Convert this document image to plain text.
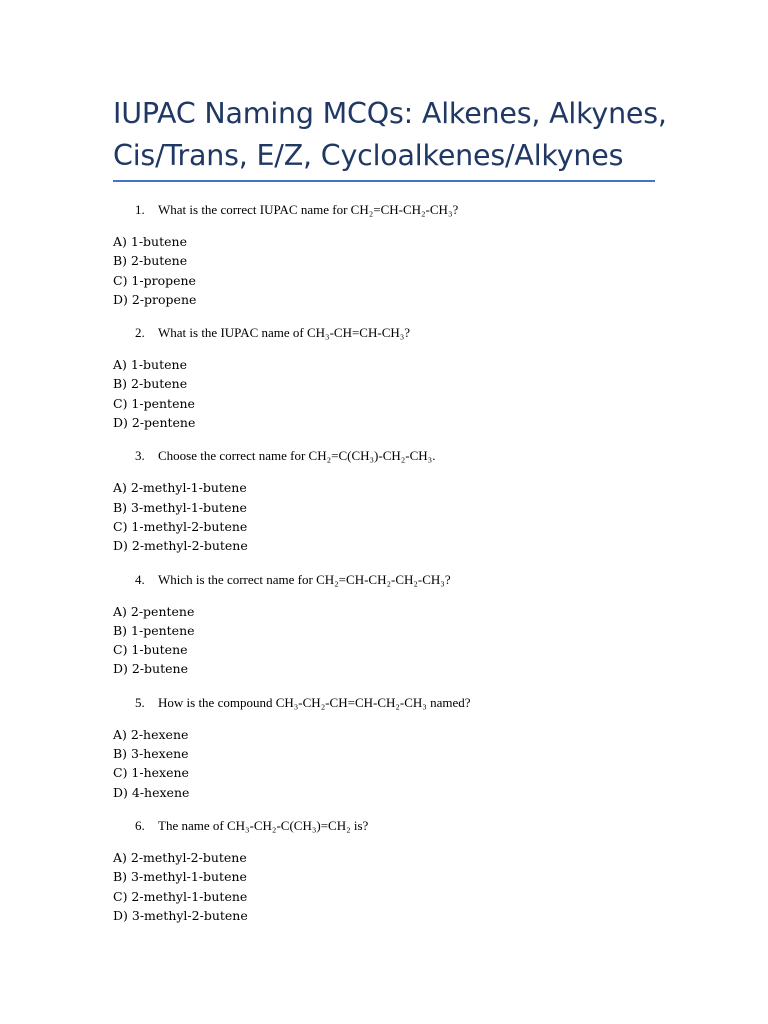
IUPAC Naming MCQs: Alkenes, Alkynes, Cis/Trans, E/Z, Cycloalkenes/Alkynes
1. What is the correct IUPAC name for CH₂=CH-CH₂-CH₃?
A) 1-butene
B) 2-butene
C) 1-propene
D) 2-propene
2. What is the IUPAC name of CH₃-CH=CH-CH₃?
A) 1-butene
B) 2-butene
C) 1-pentene
D) 2-pentene
3. Choose the correct name for CH₂=C(CH₃)-CH₂-CH₃.
A) 2-methyl-1-butene
B) 3-methyl-1-butene
C) 1-methyl-2-butene
D) 2-methyl-2-butene
4. Which is the correct name for CH₂=CH-CH₂-CH₂-CH₃?
A) 2-pentene
B) 1-pentene
C) 1-butene
D) 2-butene
5. How is the compound CH₃-CH₂-CH=CH-CH₂-CH₃ named?
A) 2-hexene
B) 3-hexene
C) 1-hexene
D) 4-hexene
6. The name of CH₃-CH₂-C(CH₃)=CH₂ is?
A) 2-methyl-2-butene
B) 3-methyl-1-butene
C) 2-methyl-1-butene
D) 3-methyl-2-butene
